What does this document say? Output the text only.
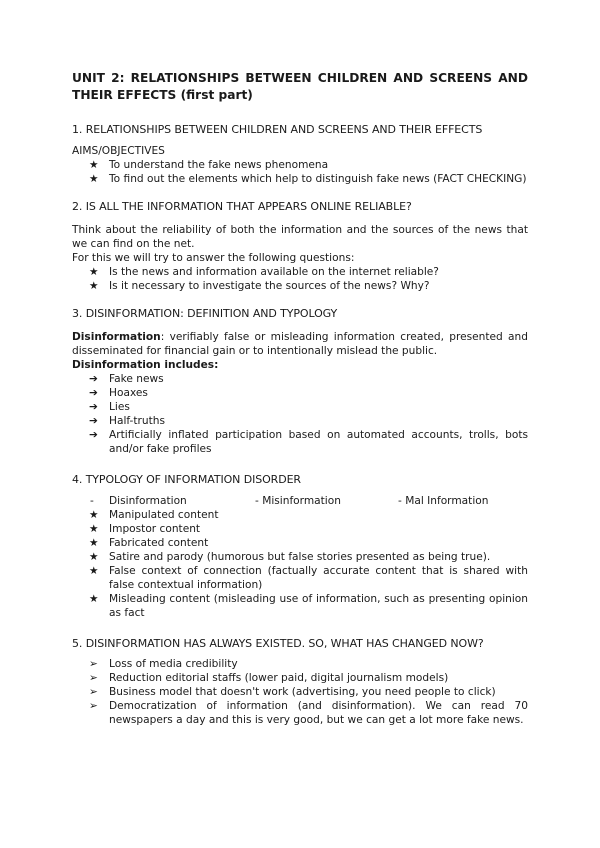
UNIT 2: RELATIONSHIPS BETWEEN CHILDREN AND SCREENS AND THEIR EFFECTS (first part)
1. RELATIONSHIPS BETWEEN CHILDREN AND SCREENS AND THEIR EFFECTS
AIMS/OBJECTIVES
★ To understand the fake news phenomena
★ To find out the elements which help to distinguish fake news (FACT CHECKING)
2. IS ALL THE INFORMATION THAT APPEARS ONLINE RELIABLE?
Think about the reliability of both the information and the sources of the news that we can find on the net.
For this we will try to answer the following questions:
★ Is the news and information available on the internet reliable?
★ Is it necessary to investigate the sources of the news? Why?
3. DISINFORMATION: DEFINITION AND TYPOLOGY
Disinformation: verifiably false or misleading information created, presented and disseminated for financial gain or to intentionally mislead the public.
Disinformation includes:
➔	Fake news
➔	Hoaxes
➔	Lies
➔	Half-truths
➔	Artificially inflated participation based on automated accounts, trolls, bots and/or fake profiles
4. TYPOLOGY OF INFORMATION DISORDER
- Disinformation	- Misinformation	- Mal Information
★ Manipulated content
★ Impostor content
★ Fabricated content
★ Satire and parody (humorous but false stories presented as being true).
★ False context of connection (factually accurate content that is shared with false contextual information)
★ Misleading content (misleading use of information, such as presenting opinion as fact
5. DISINFORMATION HAS ALWAYS EXISTED. SO, WHAT HAS CHANGED NOW?
➢	Loss of media credibility
➢	Reduction editorial staffs (lower paid, digital journalism models)
➢	Business model that doesn't work (advertising, you need people to click)
➢	Democratization of information (and disinformation). We can read 70 newspapers a day and this is very good, but we can get a lot more fake news.
